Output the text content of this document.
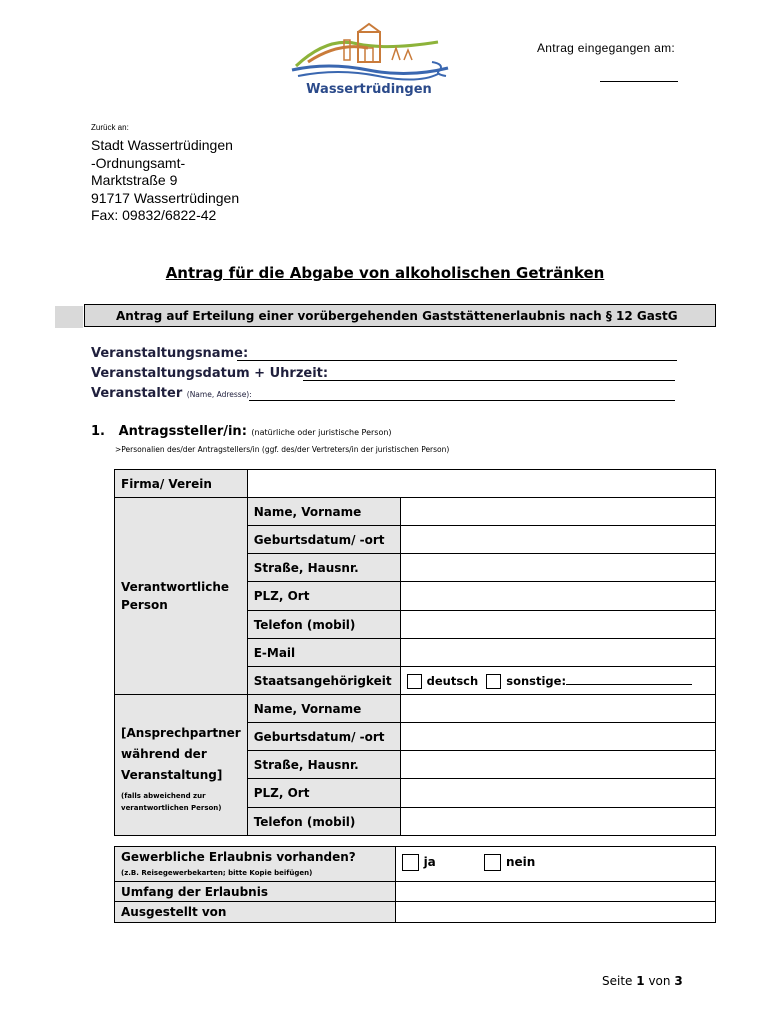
Wassertrüdingen
Antrag eingegangen am:
Zurück an:
Stadt Wassertrüdingen
-Ordnungsamt-
Marktstraße 9
91717 Wassertrüdingen
Fax: 09832/6822-42
Antrag für die Abgabe von alkoholischen Getränken
Antrag auf Erteilung einer vorübergehenden Gaststättenerlaubnis nach § 12 GastG
Veranstaltungsname:
Veranstaltungsdatum + Uhrzeit:
Veranstalter (Name, Adresse):
1. Antragssteller/in: (natürliche oder juristische Person)
>Personalien des/der Antragstellers/in (ggf. des/der Vertreters/in der juristischen Person)
Firma/ Verein		

Verantwortliche
Person	Name, Vorname	
	Geburtsdatum/ -ort	
	Straße, Hausnr.	
	PLZ, Ort	
	Telefon (mobil)	
	E-Mail	
	Staatsangehörigkeit	deutsch sonstige:

[Ansprechpartner
während der
Veranstaltung]
(falls abweichend zur
verantwortlichen Person)	Name, Vorname	
	Geburtsdatum/ -ort	
	Straße, Hausnr.	
	PLZ, Ort	
	Telefon (mobil)	
Gewerbliche Erlaubnis vorhanden?
(z.B. Reisegewerbekarten; bitte Kopie beifügen)	ja nein
Umfang der Erlaubnis	
Ausgestellt von	
Seite 1 von 3
